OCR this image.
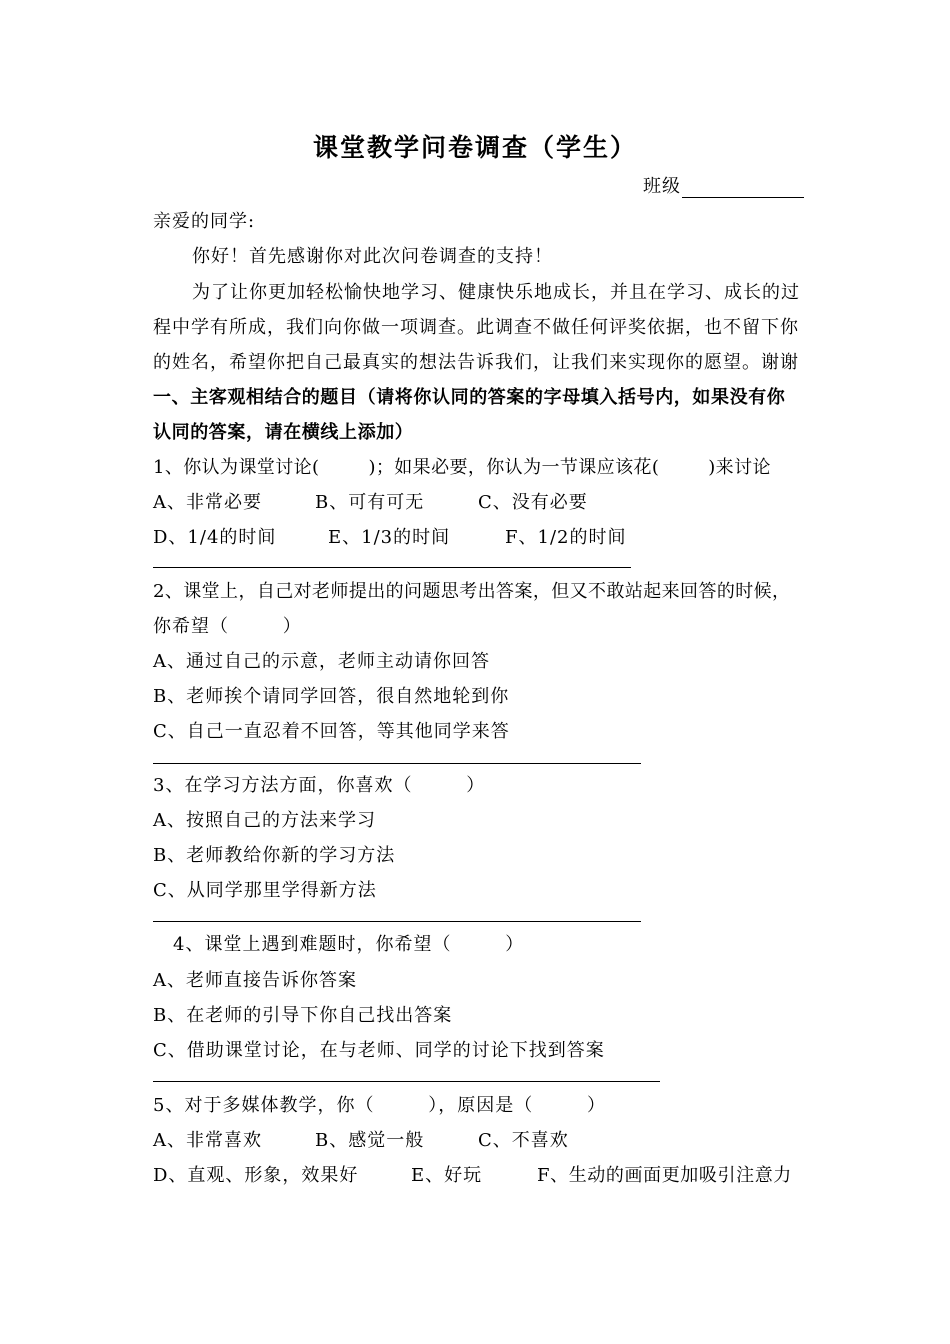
课堂教学问卷调查（学生）
班级
亲爱的同学:
你好！首先感谢你对此次问卷调查的支持！
为了让你更加轻松愉快地学习、健康快乐地成长，并且在学习、成长的过
程中学有所成，我们向你做一项调查。此调查不做任何评奖依据，也不留下你
的姓名，希望你把自己最真实的想法告诉我们，让我们来实现你的愿望。谢谢
一、主客观相结合的题目（请将你认同的答案的字母填入括号内，如果没有你
认同的答案，请在横线上添加）
1、你认为课堂讨论(        )；如果必要，你认为一节课应该花(        )来讨论
A、非常必要	B、可有可无	C、没有必要
D、1/4的时间	E、1/3的时间	F、1/2的时间
2、课堂上，自己对老师提出的问题思考出答案，但又不敢站起来回答的时候，
你希望（        ）
A、通过自己的示意，老师主动请你回答
B、老师挨个请同学回答，很自然地轮到你
C、自己一直忍着不回答，等其他同学来答
3、在学习方法方面，你喜欢（        ）
A、按照自己的方法来学习
B、老师教给你新的学习方法
C、从同学那里学得新方法
4、课堂上遇到难题时，你希望（        ）
A、老师直接告诉你答案
B、在老师的引导下你自己找出答案
C、借助课堂讨论，在与老师、同学的讨论下找到答案
5、对于多媒体教学，你（        ），原因是（        ）
A、非常喜欢	B、感觉一般	C、不喜欢
D、直观、形象，效果好	E、好玩	F、生动的画面更加吸引注意力
